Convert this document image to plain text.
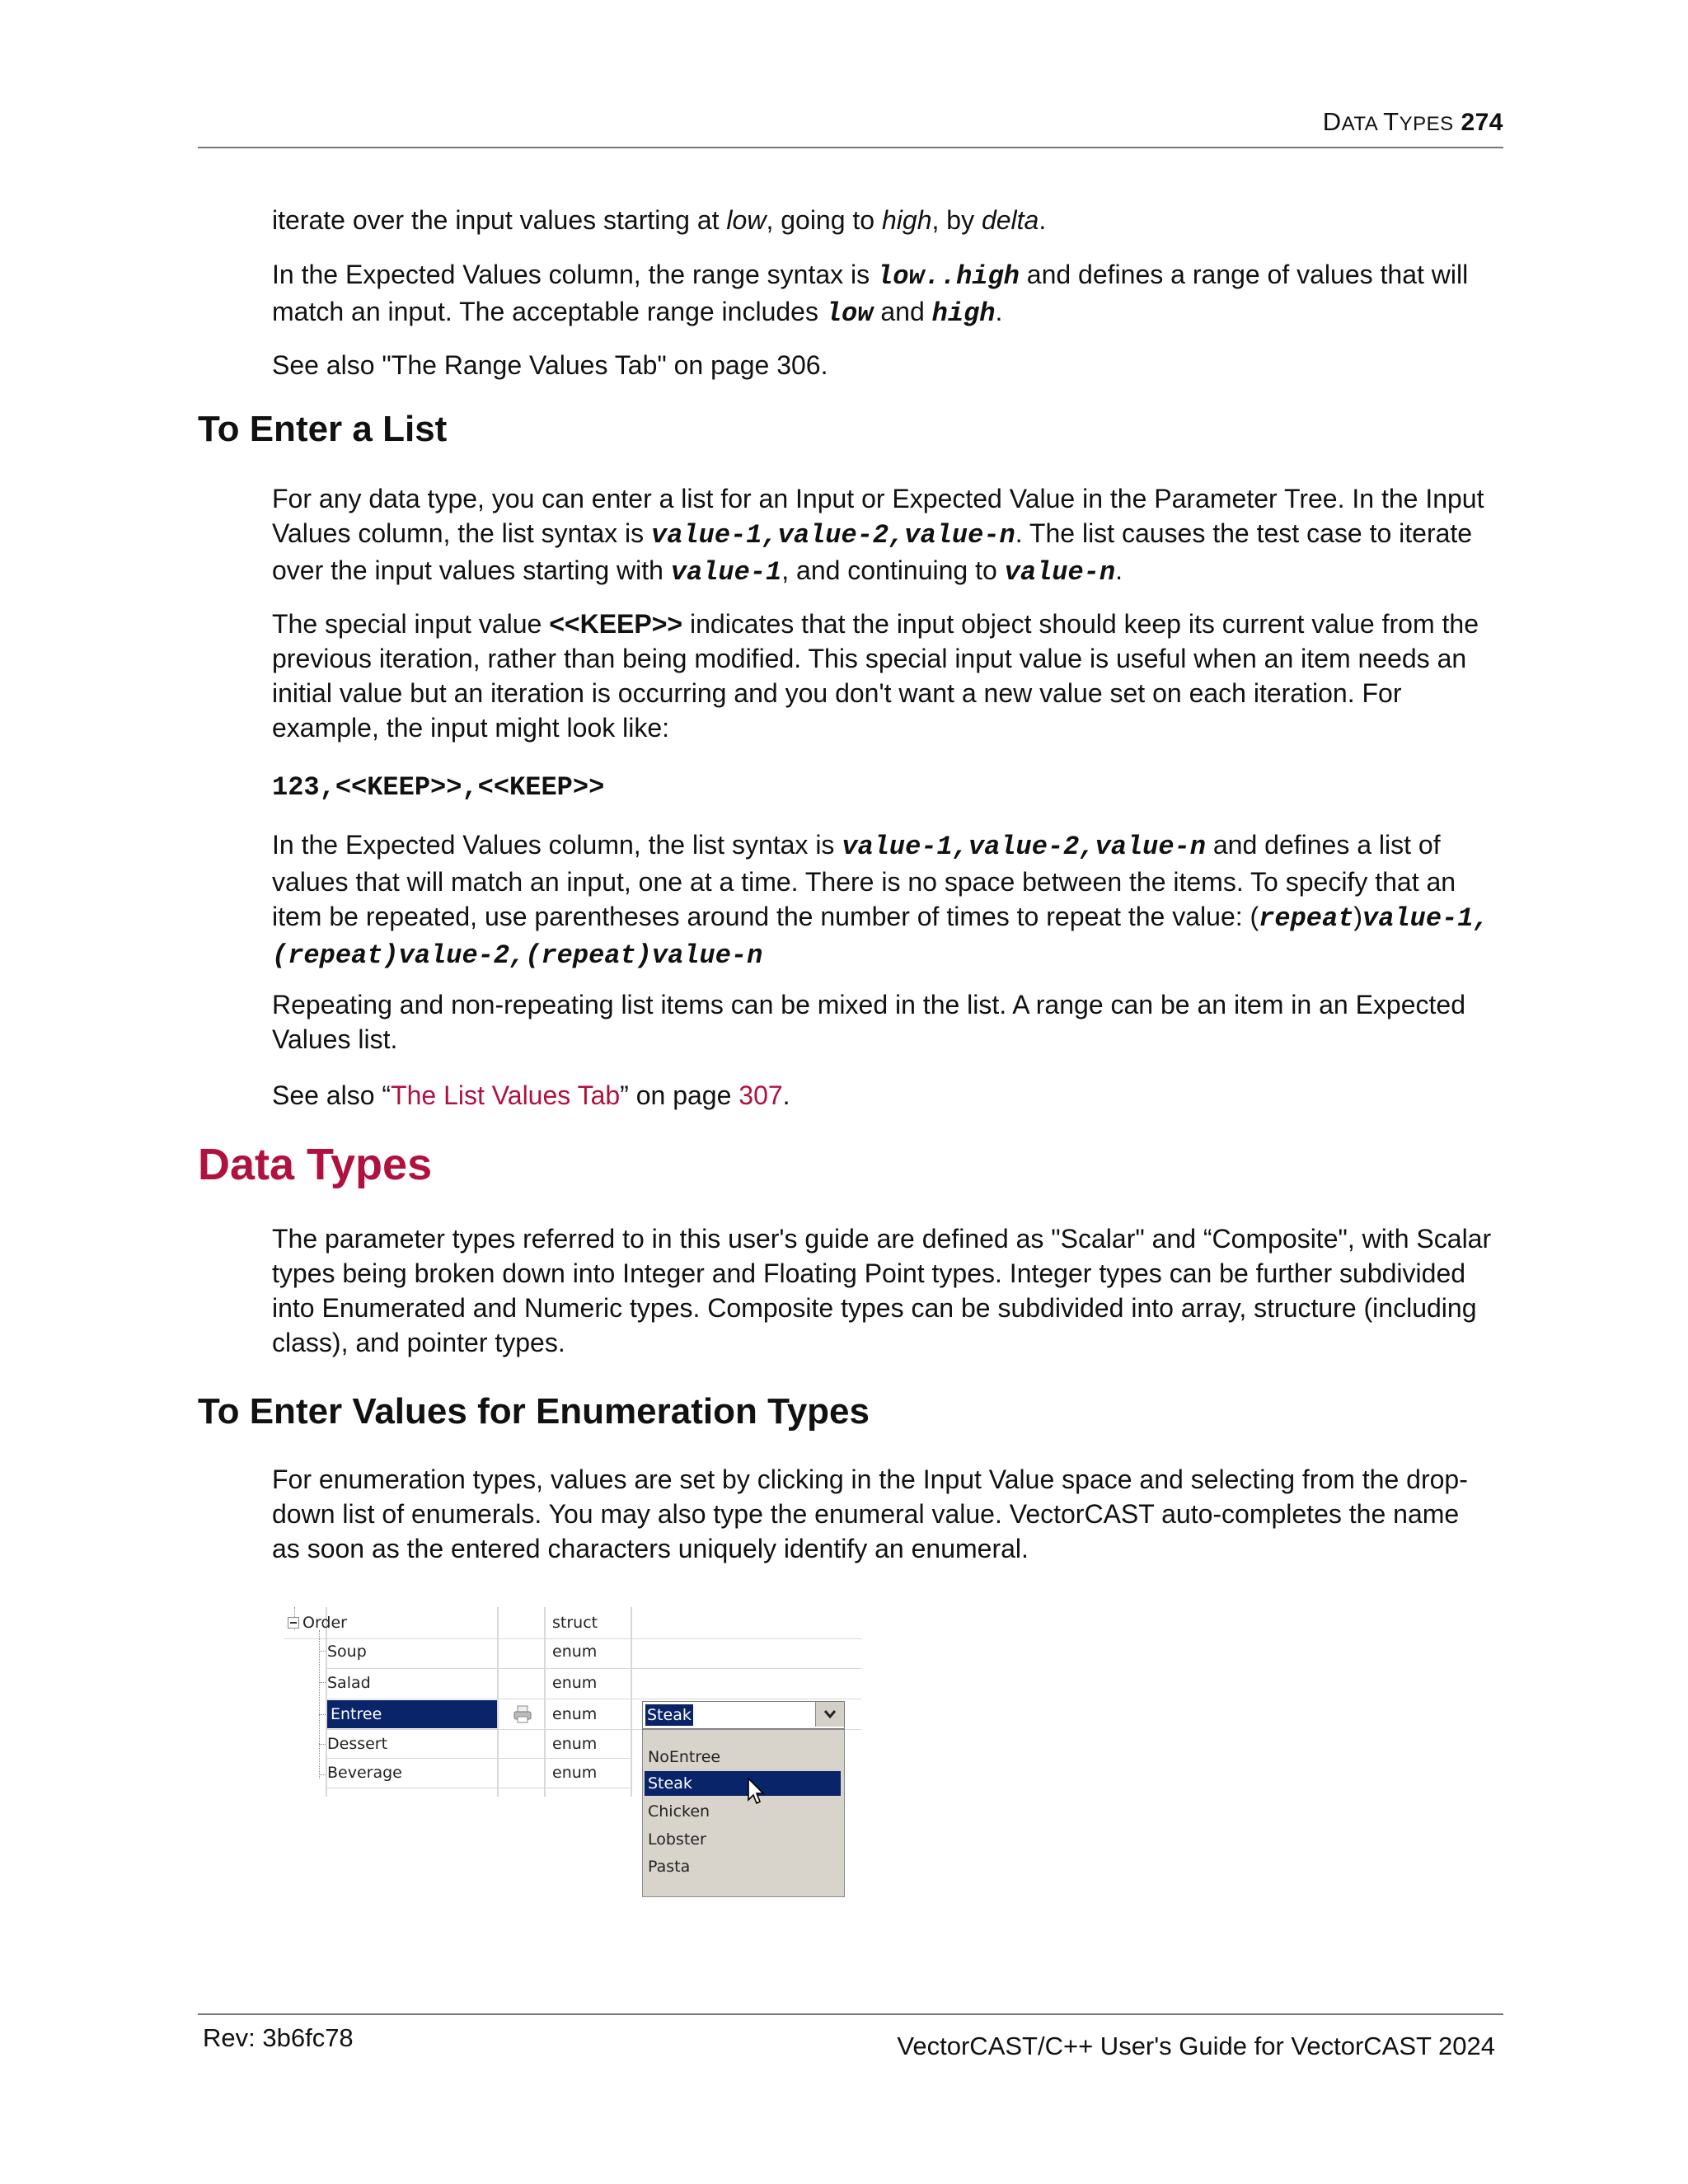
DATA TYPES 274

iterate over the input values starting at low, going to high, by delta.

In the Expected Values column, the range syntax is low..high and defines a range of values that will match an input. The acceptable range includes low and high.

See also "The Range Values Tab" on page 306.

To Enter a List

For any data type, you can enter a list for an Input or Expected Value in the Parameter Tree. In the Input Values column, the list syntax is value-1,value-2,value-n. The list causes the test case to iterate over the input values starting with value-1, and continuing to value-n.

The special input value <<KEEP>> indicates that the input object should keep its current value from the previous iteration, rather than being modified. This special input value is useful when an item needs an initial value but an iteration is occurring and you don't want a new value set on each iteration. For example, the input might look like:

123,<<KEEP>>,<<KEEP>>

In the Expected Values column, the list syntax is value-1,value-2,value-n and defines a list of values that will match an input, one at a time. There is no space between the items. To specify that an item be repeated, use parentheses around the number of times to repeat the value: (repeat)value-1,(repeat)value-2,(repeat)value-n

Repeating and non-repeating list items can be mixed in the list. A range can be an item in an Expected Values list.

See also “The List Values Tab” on page 307.

Data Types

The parameter types referred to in this user's guide are defined as "Scalar" and “Composite", with Scalar types being broken down into Integer and Floating Point types. Integer types can be further subdivided into Enumerated and Numeric types. Composite types can be subdivided into array, structure (including class), and pointer types.

To Enter Values for Enumeration Types

For enumeration types, values are set by clicking in the Input Value space and selecting from the drop-down list of enumerals. You may also type the enumeral value. VectorCAST auto-completes the name as soon as the entered characters uniquely identify an enumeral.

Order	struct
Soup	enum
Salad	enum
Entree	enum
Dessert	enum
Beverage	enum
Steak
NoEntree
Steak
Chicken
Lobster
Pasta
Rev: 3b6fc78	VectorCAST/C++ User's Guide for VectorCAST 2024
